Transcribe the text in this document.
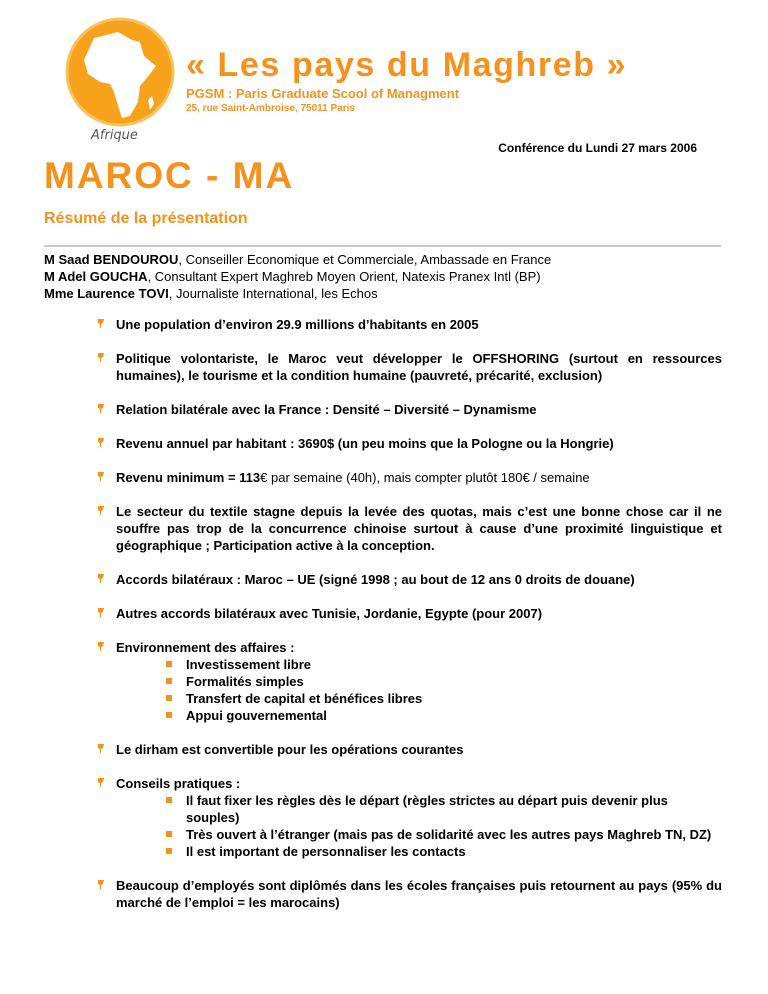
Afrique
« Les pays du Maghreb »
PGSM : Paris Graduate Scool of Managment
25, rue Saint-Ambroise, 75011 Paris
Conférence du Lundi 27 mars 2006
MAROC - MA
Résumé de la présentation
M Saad BENDOUROU, Conseiller Economique et Commerciale, Ambassade en France
M Adel GOUCHA, Consultant Expert Maghreb Moyen Orient, Natexis Pranex Intl (BP)
Mme Laurence TOVI, Journaliste International, les Echos
Une population d’environ 29.9 millions d’habitants en 2005
Politique volontariste, le Maroc veut développer le OFFSHORING (surtout en ressources humaines), le tourisme et la condition humaine (pauvreté, précarité, exclusion)
Relation bilatérale avec la France : Densité – Diversité – Dynamisme
Revenu annuel par habitant : 3690$ (un peu moins que la Pologne ou la Hongrie)
Revenu minimum = 113€ par semaine (40h), mais compter plutôt 180€ / semaine
Le secteur du textile stagne depuis la levée des quotas, mais c’est une bonne chose car il ne souffre pas trop de la concurrence chinoise surtout à cause d’une proximité linguistique et géographique ; Participation active à la conception.
Accords bilatéraux : Maroc – UE (signé 1998 ; au bout de 12 ans 0 droits de douane)
Autres accords bilatéraux avec Tunisie, Jordanie, Egypte (pour 2007)
Environnement des affaires :
Investissement libre
Formalités simples
Transfert de capital et bénéfices libres
Appui gouvernemental
Le dirham est convertible pour les opérations courantes
Conseils pratiques :
Il faut fixer les règles dès le départ (règles strictes au départ puis devenir plus souples)
Très ouvert à l’étranger (mais pas de solidarité avec les autres pays Maghreb TN, DZ)
Il est important de personnaliser les contacts
Beaucoup d’employés sont diplômés dans les écoles françaises puis retournent au pays (95% du marché de l’emploi = les marocains)
